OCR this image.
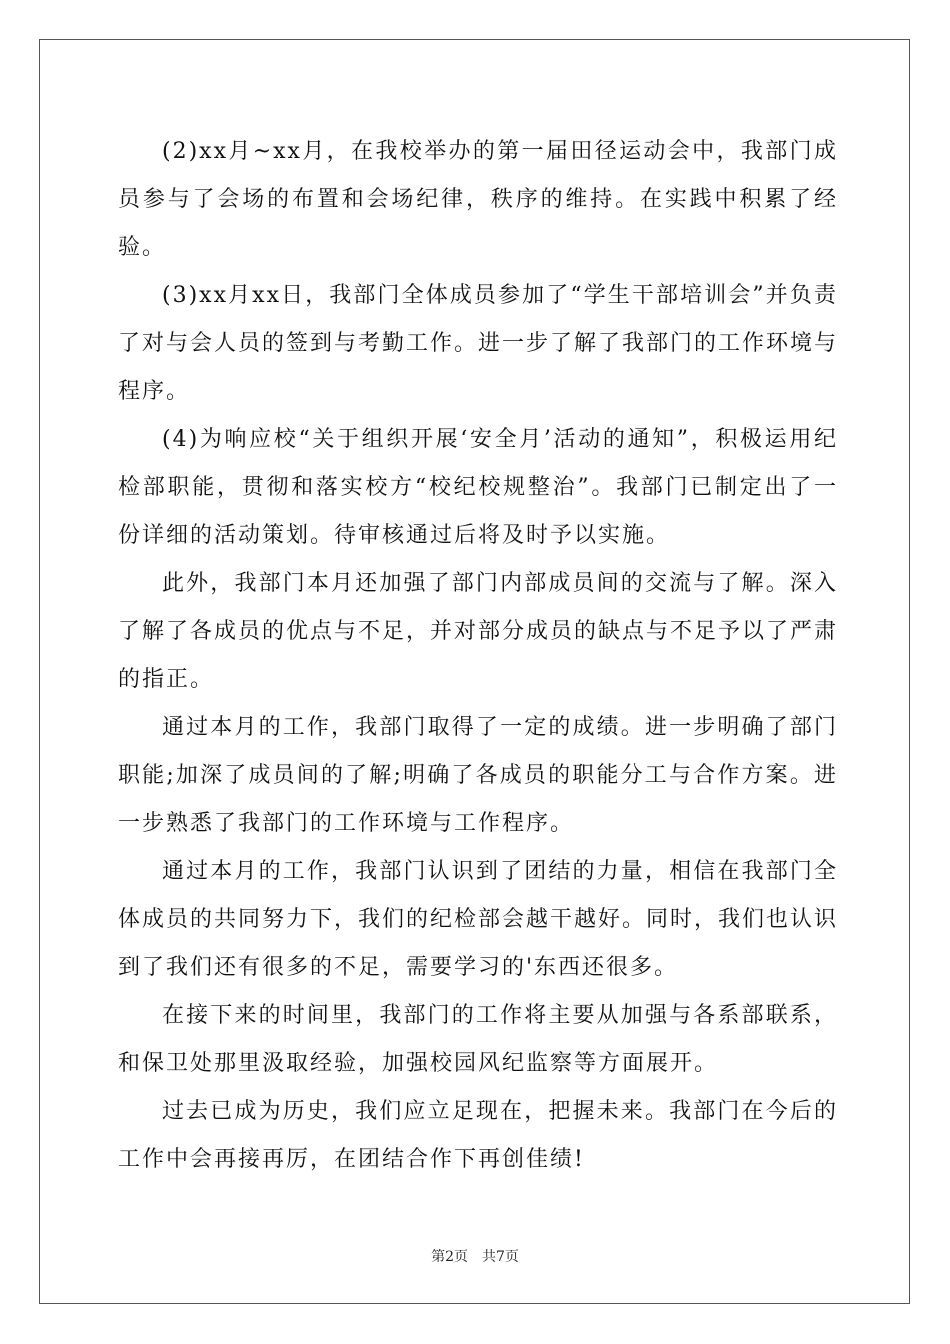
(2)xx月~xx月，在我校举办的第一届田径运动会中，我部门成员参与了会场的布置和会场纪律，秩序的维持。在实践中积累了经验。

(3)xx月xx日，我部门全体成员参加了“学生干部培训会”并负责了对与会人员的签到与考勤工作。进一步了解了我部门的工作环境与程序。

(4)为响应校“关于组织开展‘安全月’活动的通知”，积极运用纪检部职能，贯彻和落实校方“校纪校规整治”。我部门已制定出了一份详细的活动策划。待审核通过后将及时予以实施。

此外，我部门本月还加强了部门内部成员间的交流与了解。深入了解了各成员的优点与不足，并对部分成员的缺点与不足予以了严肃的指正。

通过本月的工作，我部门取得了一定的成绩。进一步明确了部门职能;加深了成员间的了解;明确了各成员的职能分工与合作方案。进一步熟悉了我部门的工作环境与工作程序。

通过本月的工作，我部门认识到了团结的力量，相信在我部门全体成员的共同努力下，我们的纪检部会越干越好。同时，我们也认识到了我们还有很多的不足，需要学习的'东西还很多。

在接下来的时间里，我部门的工作将主要从加强与各系部联系，和保卫处那里汲取经验，加强校园风纪监察等方面展开。

过去已成为历史，我们应立足现在，把握未来。我部门在今后的工作中会再接再厉，在团结合作下再创佳绩!

第2页 共7页
